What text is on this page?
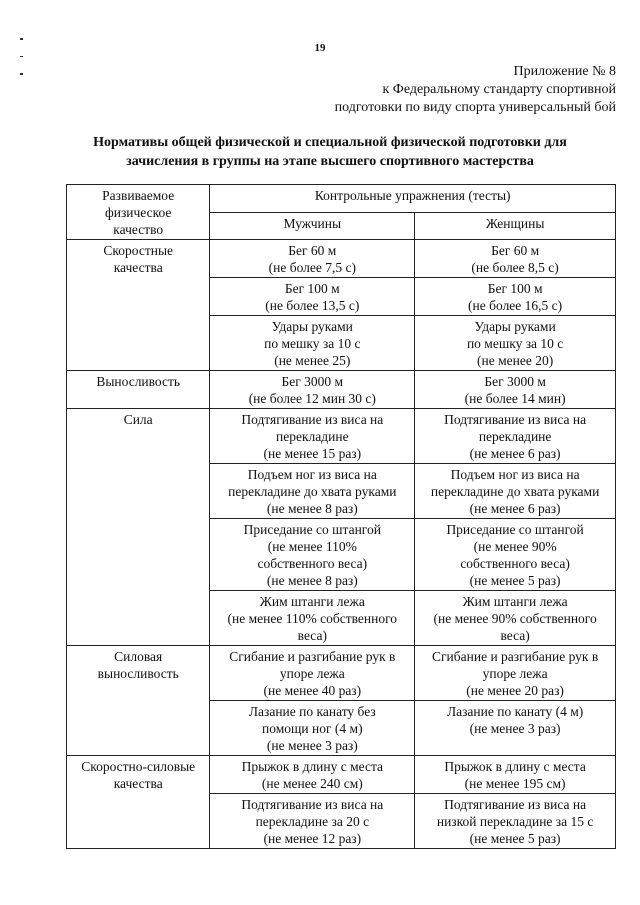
19
Приложение № 8
к Федеральному стандарту спортивной
подготовки по виду спорта универсальный бой
Нормативы общей физической и специальной физической подготовки для
зачисления в группы на этапе высшего спортивного мастерства
Развиваемое
физическое
качество	Контрольные упражнения (тесты)	
	Мужчины	Женщины

Скоростные
качества	Бег 60 м
(не более 7,5 с)	Бег 60 м
(не более 8,5 с)

	Бег 100 м
(не более 13,5 с)	Бег 100 м
(не более 16,5 с)

	Удары руками
по мешку за 10 с
(не менее 25)	Удары руками
по мешку за 10 с
(не менее 20)

Выносливость	Бег 3000 м
(не более 12 мин 30 с)	Бег 3000 м
(не более 14 мин)

Сила	Подтягивание из виса на
перекладине
(не менее 15 раз)	Подтягивание из виса на
перекладине
(не менее 6 раз)

	Подъем ног из виса на
перекладине до хвата руками
(не менее 8 раз)	Подъем ног из виса на
перекладине до хвата руками
(не менее 6 раз)

	Приседание со штангой
(не менее 110%
собственного веса)
(не менее 8 раз)	Приседание со штангой
(не менее 90%
собственного веса)
(не менее 5 раз)

	Жим штанги лежа
(не менее 110% собственного
веса)	Жим штанги лежа
(не менее 90% собственного
веса)

Силовая
выносливость	Сгибание и разгибание рук в
упоре лежа
(не менее 40 раз)	Сгибание и разгибание рук в
упоре лежа
(не менее 20 раз)

	Лазание по канату без
помощи ног (4 м)
(не менее 3 раз)	Лазание по канату (4 м)
(не менее 3 раз)

Скоростно-силовые
качества	Прыжок в длину с места
(не менее 240 см)	Прыжок в длину с места
(не менее 195 см)

	Подтягивание из виса на
перекладине за 20 с
(не менее 12 раз)	Подтягивание из виса на
низкой перекладине за 15 с
(не менее 5 раз)
